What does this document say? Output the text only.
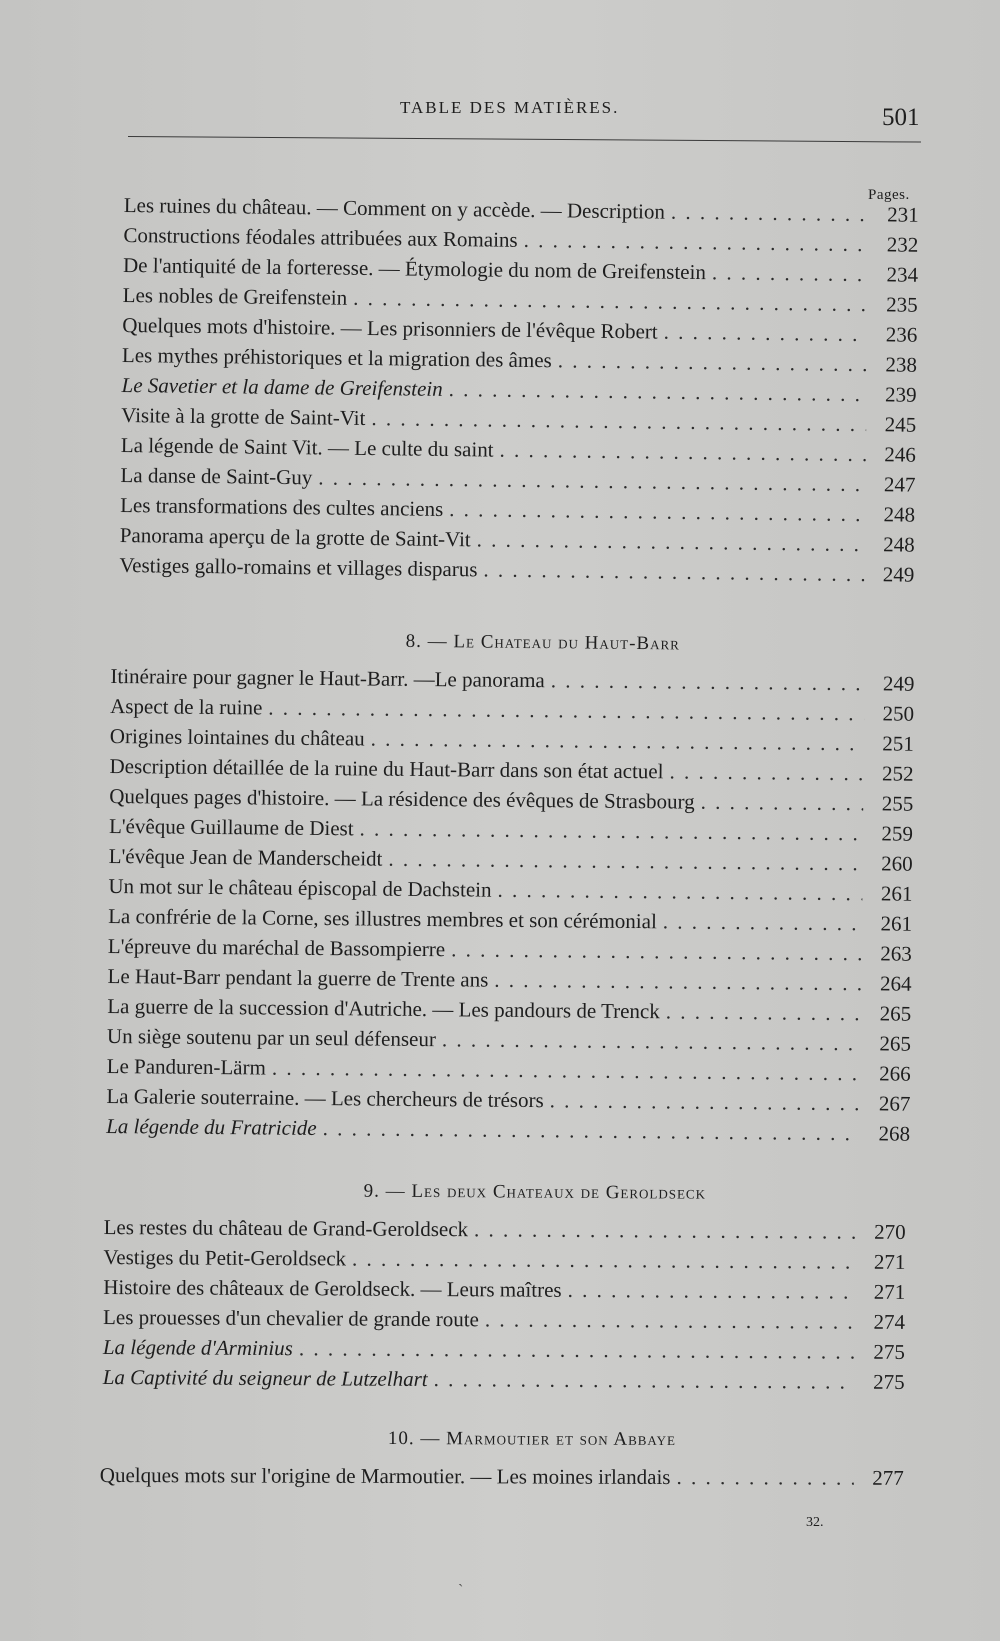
TABLE DES MATIÈRES.	501
Pages.
Les ruines du château. — Comment on y accède. — Description . . .	231
Constructions féodales attribuées aux Romains . . .	232
De l'antiquité de la forteresse. — Étymologie du nom de Greifenstein . . .	234
Les nobles de Greifenstein . . .	235
Quelques mots d'histoire. — Les prisonniers de l'évêque Robert . . .	236
Les mythes préhistoriques et la migration des âmes . . .	238
Le Savetier et la dame de Greifenstein . . .	239
Visite à la grotte de Saint-Vit . . .	245
La légende de Saint Vit. — Le culte du saint . . .	246
La danse de Saint-Guy . . .	247
Les transformations des cultes anciens . . .	248
Panorama aperçu de la grotte de Saint-Vit . . .	248
Vestiges gallo-romains et villages disparus . . .	249
8. — Le Chateau du Haut-Barr
Itinéraire pour gagner le Haut-Barr. —Le panorama . . .	249
Aspect de la ruine . . .	250
Origines lointaines du château . . .	251
Description détaillée de la ruine du Haut-Barr dans son état actuel . . .	252
Quelques pages d'histoire. — La résidence des évêques de Strasbourg . . .	255
L'évêque Guillaume de Diest . . .	259
L'évêque Jean de Manderscheidt . . .	260
Un mot sur le château épiscopal de Dachstein . . .	261
La confrérie de la Corne, ses illustres membres et son cérémonial . . .	261
L'épreuve du maréchal de Bassompierre . . .	263
Le Haut-Barr pendant la guerre de Trente ans . . .	264
La guerre de la succession d'Autriche. — Les pandours de Trenck . . .	265
Un siège soutenu par un seul défenseur . . .	265
Le Panduren-Lärm . . .	266
La Galerie souterraine. — Les chercheurs de trésors . . .	267
La légende du Fratricide . . .	268
9. — Les deux Chateaux de Geroldseck
Les restes du château de Grand-Geroldseck . . .	270
Vestiges du Petit-Geroldseck . . .	271
Histoire des châteaux de Geroldseck. — Leurs maîtres . . .	271
Les prouesses d'un chevalier de grande route . . .	274
La légende d'Arminius . . .	275
La Captivité du seigneur de Lutzelhart . . .	275
10. — Marmoutier et son Abbaye
Quelques mots sur l'origine de Marmoutier. — Les moines irlandais . . .	277
32.
ˏ
